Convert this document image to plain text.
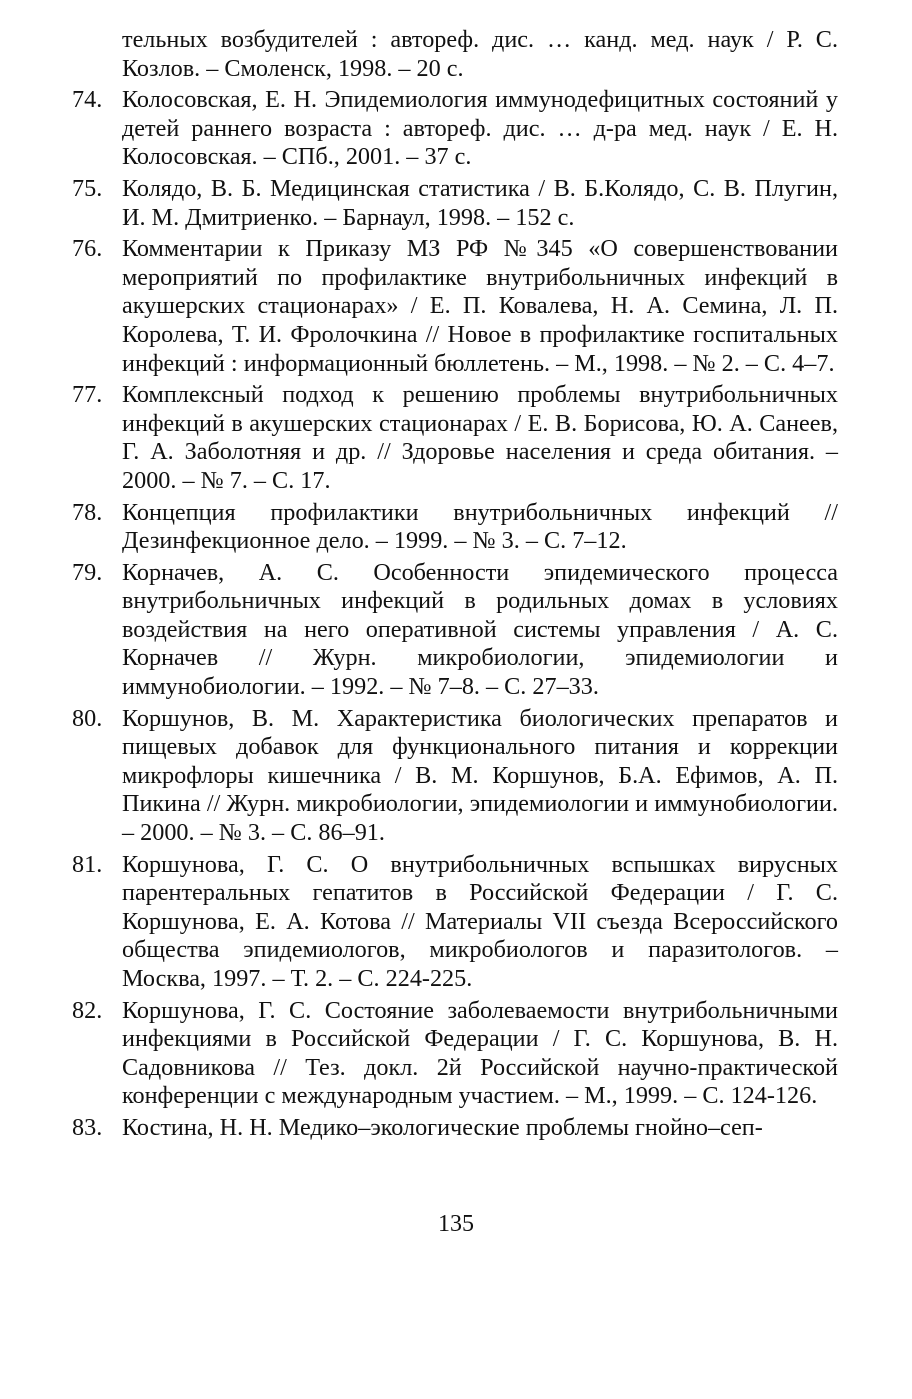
тельных возбудителей : автореф. дис. … канд. мед. наук / Р. С. Козлов. – Смоленск, 1998. – 20 с.
74. Колосовская, Е. Н. Эпидемиология иммунодефицитных состояний у детей раннего возраста : автореф. дис. … д-ра мед. наук / Е. Н. Колосовская. – СПб., 2001. – 37 с.
75. Колядо, В. Б. Медицинская статистика / В. Б.Колядо, С. В. Плугин, И. М. Дмитриенко. – Барнаул, 1998. – 152 с.
76. Комментарии к Приказу МЗ РФ №345 «О совершенствовании мероприятий по профилактике внутрибольничных инфекций в акушерских стационарах» / Е. П. Ковалева, Н. А. Семина, Л. П. Королева, Т. И. Фролочкина // Новое в профилактике госпитальных инфекций : информационный бюллетень. – М., 1998. – № 2. – С. 4–7.
77. Комплексный подход к решению проблемы внутрибольничных инфекций в акушерских стационарах / Е. В. Борисова, Ю. А. Санеев, Г. А. Заболотняя и др. // Здоровье населения и среда обитания. – 2000. – № 7. – С. 17.
78. Концепция профилактики внутрибольничных инфекций // Дезинфекционное дело. – 1999. – № 3. – С. 7–12.
79. Корначев, А. С. Особенности эпидемического процесса внутрибольничных инфекций в родильных домах в условиях воздействия на него оперативной системы управления / А. С. Корначев // Журн. микробиологии, эпидемиологии и иммунобиологии. – 1992. – № 7–8. – С. 27–33.
80. Коршунов, В. М. Характеристика биологических препаратов и пищевых добавок для функционального питания и коррекции микрофлоры кишечника / В. М. Коршунов, Б.А. Ефимов, А. П. Пикина // Журн. микробиологии, эпидемиологии и иммунобиологии. – 2000. – № 3. – С. 86–91.
81. Коршунова, Г. С. О внутрибольничных вспышках вирусных парентеральных гепатитов в Российской Федерации / Г. С. Коршунова, Е. А. Котова // Материалы VII съезда Всероссийского общества эпидемиологов, микробиологов и паразитологов. – Москва, 1997. – Т. 2. – С. 224-225.
82. Коршунова, Г. С. Состояние заболеваемости внутрибольничными инфекциями в Российской Федерации / Г. С. Коршунова, В. Н. Садовникова // Тез. докл. 2й Российской научно-практической конференции с международным участием. – М., 1999. – С. 124-126.
83. Костина, Н. Н. Медико–экологические проблемы гнойно–сеп-
135
